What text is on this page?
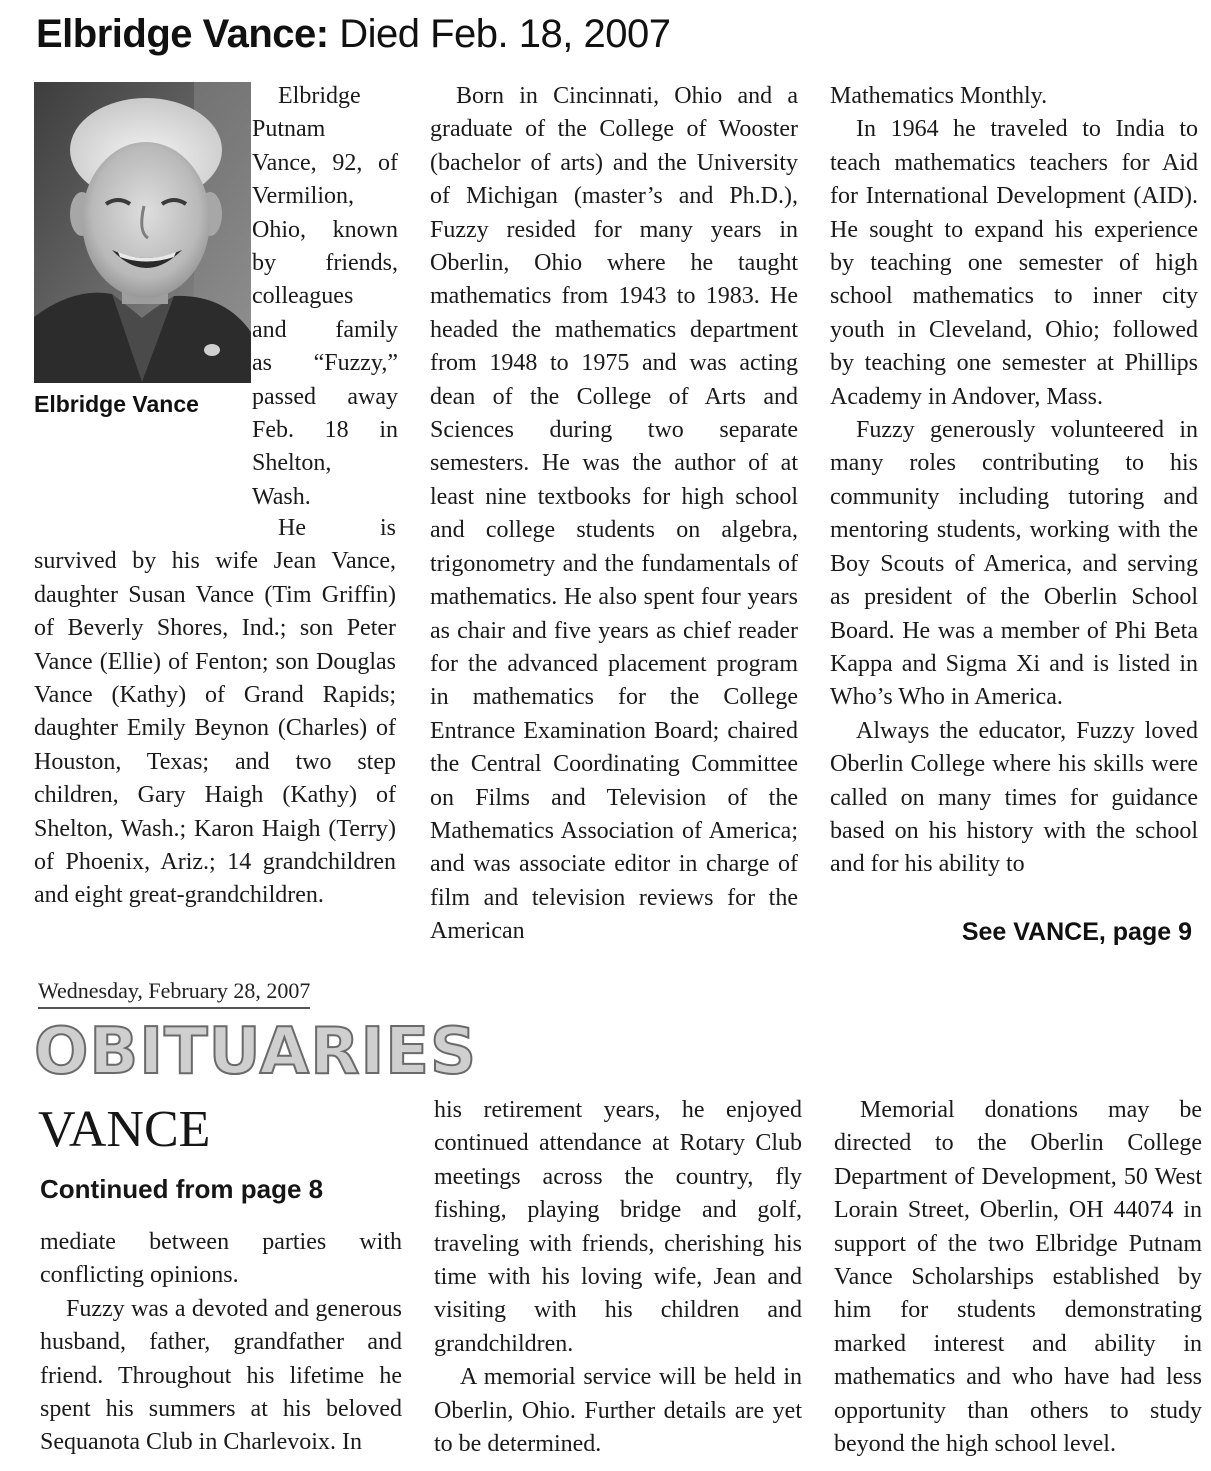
Elbridge Vance: Died Feb. 18, 2007
Elbridge Vance
Elbridge
Putnam
Vance, 92, of
Vermilion,
Ohio, known
by friends,
colleagues
and family
as “Fuzzy,”
passed away
Feb. 18 in
Shelton,
Wash.

He is survived by his wife Jean Vance, daughter Susan Vance (Tim Griffin) of Beverly Shores, Ind.; son Peter Vance (Ellie) of Fenton; son Douglas Vance (Kathy) of Grand Rapids; daughter Emily Beynon (Charles) of Houston, Texas; and two step children, Gary Haigh (Kathy) of Shelton, Wash.; Karon Haigh (Terry) of Phoenix, Ariz.; 14 grandchildren and eight great-grandchildren.

Born in Cincinnati, Ohio and a graduate of the College of Wooster (bachelor of arts) and the University of Michigan (master’s and Ph.D.), Fuzzy resided for many years in Oberlin, Ohio where he taught mathematics from 1943 to 1983. He headed the mathematics department from 1948 to 1975 and was acting dean of the College of Arts and Sciences during two separate semesters. He was the author of at least nine textbooks for high school and college students on algebra, trigonometry and the fundamentals of mathematics. He also spent four years as chair and five years as chief reader for the advanced placement program in mathematics for the College Entrance Examination Board; chaired the Central Coordinating Committee on Films and Television of the Mathematics Association of America; and was associate editor in charge of film and television reviews for the American

Mathematics Monthly.

In 1964 he traveled to India to teach mathematics teachers for Aid for International Development (AID). He sought to expand his experience by teaching one semester of high school mathematics to inner city youth in Cleveland, Ohio; followed by teaching one semester at Phillips Academy in Andover, Mass.

Fuzzy generously volunteered in many roles contributing to his community including tutoring and mentoring students, working with the Boy Scouts of America, and serving as president of the Oberlin School Board. He was a member of Phi Beta Kappa and Sigma Xi and is listed in Who’s Who in America.

Always the educator, Fuzzy loved Oberlin College where his skills were called on many times for guidance based on his history with the school and for his ability to

See VANCE, page 9
Wednesday, February 28, 2007
OBITUARIES
VANCE
Continued from page 8

mediate between parties with conflicting opinions.

Fuzzy was a devoted and generous husband, father, grandfather and friend. Throughout his lifetime he spent his summers at his beloved Sequanota Club in Charlevoix. In

his retirement years, he enjoyed continued attendance at Rotary Club meetings across the country, fly fishing, playing bridge and golf, traveling with friends, cherishing his time with his loving wife, Jean and visiting with his children and grandchildren.

A memorial service will be held in Oberlin, Ohio. Further details are yet to be determined.

Memorial donations may be directed to the Oberlin College Department of Development, 50 West Lorain Street, Oberlin, OH 44074 in support of the two Elbridge Putnam Vance Scholarships established by him for students demonstrating marked interest and ability in mathematics and who have had less opportunity than others to study beyond the high school level.
